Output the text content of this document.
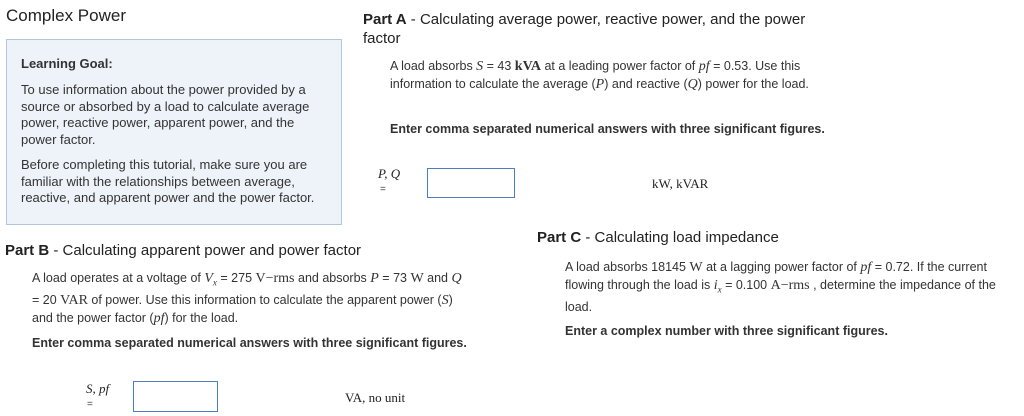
Complex Power
Learning Goal:

To use information about the power provided by a source or absorbed by a load to calculate average power, reactive power, apparent power, and the power factor.

Before completing this tutorial, make sure you are familiar with the relationships between average, reactive, and apparent power and the power factor.

Part A - Calculating average power, reactive power, and the power factor
A load absorbs S = 43 kVA at a leading power factor of pf = 0.53. Use this information to calculate the average (P) and reactive (Q) power for the load.
Enter comma separated numerical answers with three significant figures.
P, Q
=	kW, kVAR
Part B - Calculating apparent power and power factor
A load operates at a voltage of $V_x = 275$ V−rms and absorbs P = 73 W and Q = 20 VAR of power. Use this information to calculate the apparent power (S) and the power factor (pf) for the load.
Enter comma separated numerical answers with three significant figures.
S, pf
=	VA, no unit
Part C - Calculating load impedance
A load absorbs 18145 W at a lagging power factor of pf = 0.72. If the current flowing through the load is $i_x = 0.100$ A−rms , determine the impedance of the load.
Enter a complex number with three significant figures.
